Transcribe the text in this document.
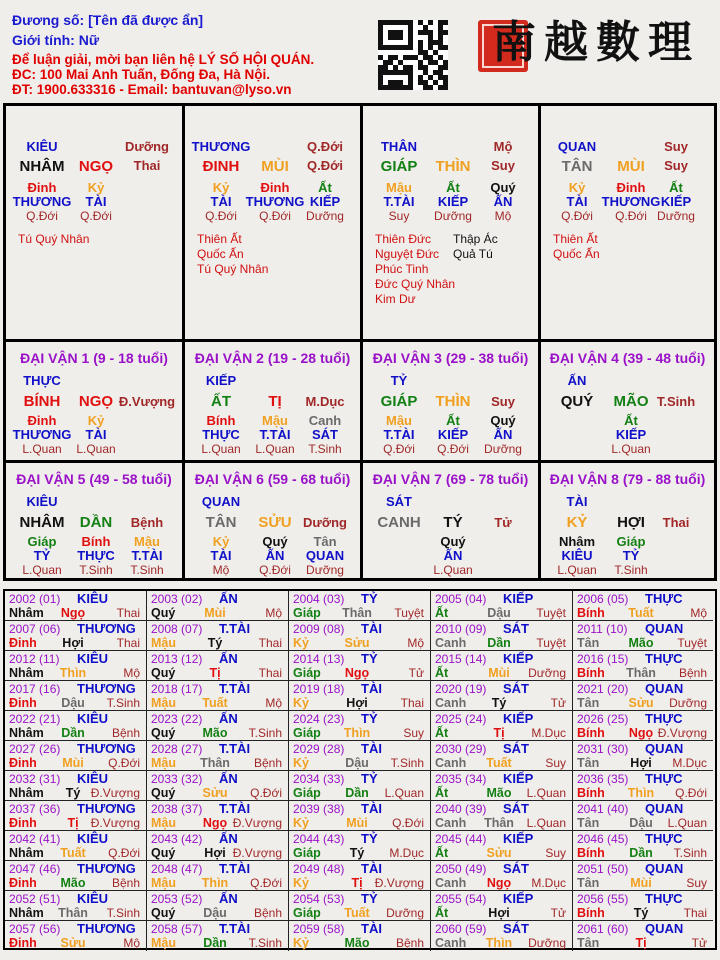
Đương số: [Tên đã được ẩn]
Giới tính: Nữ
Để luận giải, mời bạn liên hệ LÝ SỐ HỘI QUÁN.
ĐC: 100 Mai Anh Tuấn, Đống Đa, Hà Nội.
ĐT: 1900.633316 - Email: bantuvan@lyso.vn
南越數理
KIÊU	Dưỡng
NHÂM NGỌ	Thai
Đinh
THƯƠNG
Q.Đới
Kỷ
TÀI
Q.Đới
Tú Quý Nhân
THƯƠNG	Q.Đới
ĐINH	MÙI	Q.Đới
Kỷ
TÀI
Q.Đới
Đinh
THƯƠNG
Q.Đới
Ất
KIẾP
Dưỡng
Thiên Ất
Quốc Ấn
Tú Quý Nhân
THÂN	Mộ
GIÁP	THÌN	Suy
Mậu
T.TÀI
Suy
Ất
KIẾP
Dưỡng
Quý
ẤN
Mộ
Thiên Đức
Nguyệt Đức
Phúc Tinh
Đức Quý Nhân
Kim Dư
Thập Ác
Quả Tú
QUAN	Suy
TÂN	MÙI	Suy
Kỷ
TÀI
Q.Đới
Đinh
THƯƠNG
Q.Đới
Ất
KIẾP
Dưỡng
Thiên Ất
Quốc Ấn
ĐẠI VẬN 1 (9 - 18 tuổi)
THỰC
BÍNH	NGỌ Đ.Vượng
Đinh
THƯƠNG
L.Quan
Kỷ
TÀI
L.Quan
ĐẠI VẬN 2 (19 - 28 tuổi)
KIẾP
ẤT	TỊ	M.Dục
Bính
THỰC
L.Quan
Mậu
T.TÀI
L.Quan
Canh
SÁT
T.Sinh
ĐẠI VẬN 3 (29 - 38 tuổi)
TỶ
GIÁP	THÌN	Suy
Mậu
T.TÀI
Q.Đới
Ất
KIẾP
Q.Đới
Quý
ẤN
Dưỡng
ĐẠI VẬN 4 (39 - 48 tuổi)
ẤN
QUÝ	MÃO T.Sinh
Ất
KIẾP
L.Quan
ĐẠI VẬN 5 (49 - 58 tuổi)
KIÊU
NHÂM	DẦN	Bệnh
Giáp
TỶ
L.Quan
Bính
THỰC
T.Sinh
Mậu
T.TÀI
T.Sinh
ĐẠI VẬN 6 (59 - 68 tuổi)
QUAN
TÂN	SỬU Dưỡng
Kỷ
TÀI
Mộ
Quý
ẤN
Q.Đới
Tân
QUAN
Dưỡng
ĐẠI VẬN 7 (69 - 78 tuổi)
SÁT
CANH	TÝ	Tử
Quý
ẤN
L.Quan
ĐẠI VẬN 8 (79 - 88 tuổi)
TÀI
KỶ	HỢI	Thai
Nhâm
KIÊU
L.Quan
Giáp
TỶ
T.Sinh
2002 (01) KIÊU
Nhâm	Ngọ	Thai
2003 (02) ẤN
Quý	Mùi	Mộ
2004 (03) TỶ
Giáp	Thân	Tuyệt
2005 (04) KIẾP
Ất	Dậu	Tuyệt
2006 (05) THỰC
Bính	Tuất	Mộ
2007 (06) THƯƠNG
Đinh	Hợi	Thai
2008 (07) T.TÀI
Mậu	Tý	Thai
2009 (08) TÀI
Kỷ	Sửu	Mộ
2010 (09) SÁT
Canh	Dần	Tuyệt
2011 (10) QUAN
Tân	Mão	Tuyệt
2012 (11) KIÊU
Nhâm	Thìn	Mộ
2013 (12) ẤN
Quý	Tị	Thai
2014 (13) TỶ
Giáp	Ngọ	Tử
2015 (14) KIẾP
Ất	Mùi	Dưỡng
2016 (15) THỰC
Bính	Thân	Bệnh
2017 (16) THƯƠNG
Đinh	Dậu	T.Sinh
2018 (17) T.TÀI
Mậu	Tuất	Mộ
2019 (18) TÀI
Kỷ	Hợi	Thai
2020 (19) SÁT
Canh	Tý	Tử
2021 (20) QUAN
Tân	Sửu	Dưỡng
2022 (21) KIÊU
Nhâm	Dần	Bệnh
2023 (22) ẤN
Quý	Mão	T.Sinh
2024 (23) TỶ
Giáp	Thìn	Suy
2025 (24) KIẾP
Ất	Tị	M.Dục
2026 (25) THỰC
Bính	Ngọ Đ.Vượng
2027 (26) THƯƠNG
Đinh	Mùi	Q.Đới
2028 (27) T.TÀI
Mậu	Thân	Bệnh
2029 (28) TÀI
Kỷ	Dậu	T.Sinh
2030 (29) SÁT
Canh	Tuất	Suy
2031 (30) QUAN
Tân	Hợi	M.Dục
2032 (31) KIÊU
Nhâm	Tý Đ.Vượng
2033 (32) ẤN
Quý	Sửu	Q.Đới
2034 (33) TỶ
Giáp	Dần	L.Quan
2035 (34) KIẾP
Ất	Mão	L.Quan
2036 (35) THỰC
Bính	Thìn	Q.Đới
2037 (36) THƯƠNG
Đinh	Tị	Đ.Vượng
2038 (37) T.TÀI
Mậu	Ngọ Đ.Vượng
2039 (38) TÀI
Kỷ	Mùi	Q.Đới
2040 (39) SÁT
Canh	Thân	L.Quan
2041 (40) QUAN
Tân	Dậu	L.Quan
2042 (41) KIÊU
Nhâm	Tuất	Q.Đới
2043 (42) ẤN
Quý	Hợi Đ.Vượng
2044 (43) TỶ
Giáp	Tý	M.Dục
2045 (44) KIẾP
Ất	Sửu	Suy
2046 (45) THỰC
Bính	Dần	T.Sinh
2047 (46) THƯƠNG
Đinh	Mão	Bệnh
2048 (47) T.TÀI
Mậu	Thìn	Q.Đới
2049 (48) TÀI
Kỷ	Tị	Đ.Vượng
2050 (49) SÁT
Canh	Ngọ	M.Dục
2051 (50) QUAN
Tân	Mùi	Suy
2052 (51) KIÊU
Nhâm	Thân	T.Sinh
2053 (52) ẤN
Quý	Dậu	Bệnh
2054 (53) TỶ
Giáp	Tuất	Dưỡng
2055 (54) KIẾP
Ất	Hợi	Tử
2056 (55) THỰC
Bính	Tý	Thai
2057 (56) THƯƠNG
Đinh	Sửu	Mộ
2058 (57) T.TÀI
Mậu	Dần	T.Sinh
2059 (58) TÀI
Kỷ	Mão	Bệnh
2060 (59) SÁT
Canh	Thìn	Dưỡng
2061 (60) QUAN
Tân	Tị	Tử
